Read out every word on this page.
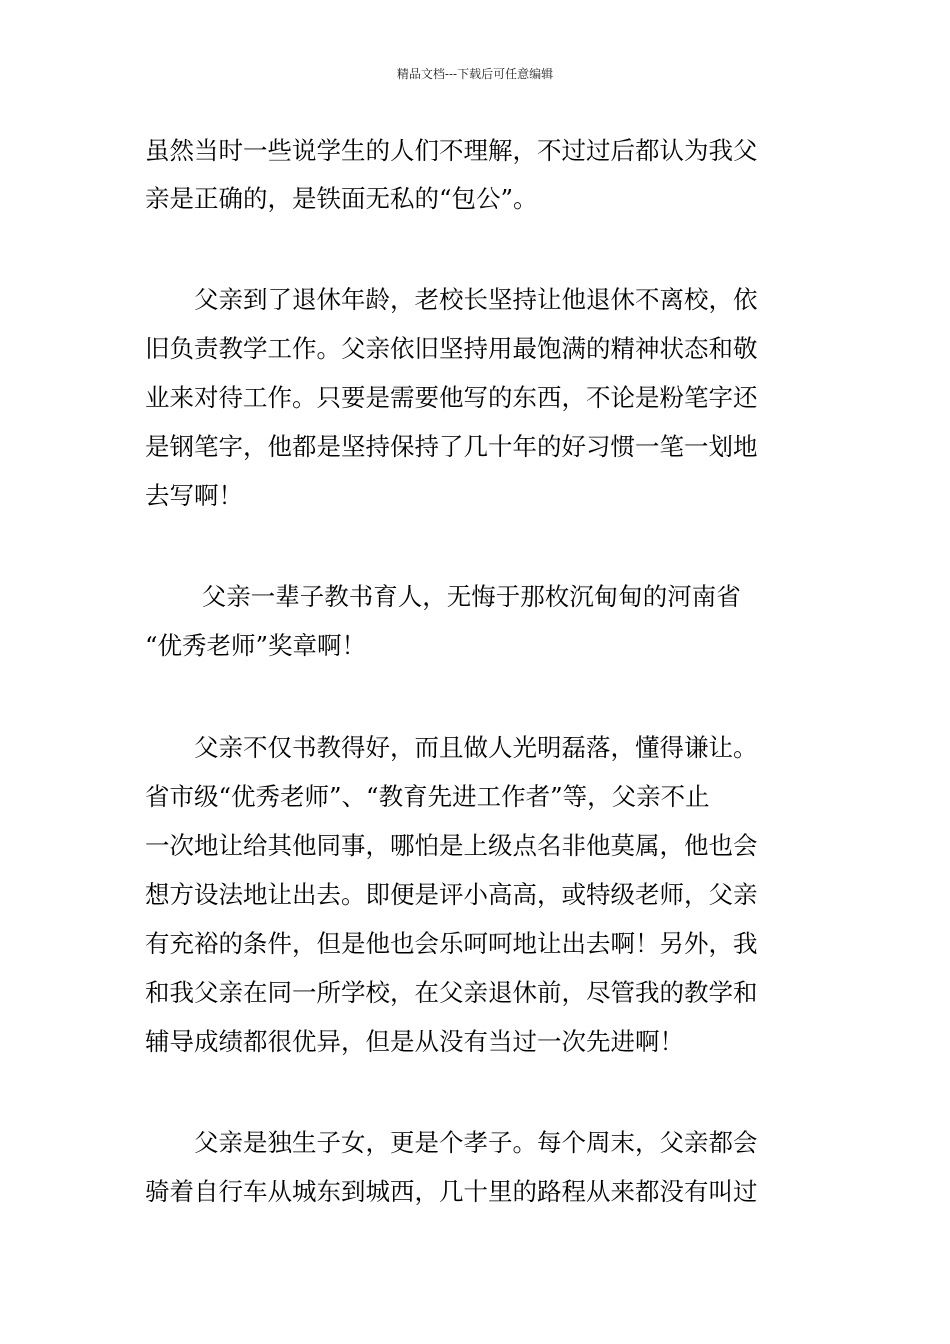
精品文档---下载后可任意编辑
虽然当时一些说学生的人们不理解，不过过后都认为我父
亲是正确的，是铁面无私的“包公”。
　　父亲到了退休年龄，老校长坚持让他退休不离校，依
旧负责教学工作。父亲依旧坚持用最饱满的精神状态和敬
业来对待工作。只要是需要他写的东西，不论是粉笔字还
是钢笔字，他都是坚持保持了几十年的好习惯一笔一划地
去写啊！
　　 父亲一辈子教书育人，无悔于那枚沉甸甸的河南省
“优秀老师”奖章啊！
　　父亲不仅书教得好，而且做人光明磊落，懂得谦让。
省市级“优秀老师”、“教育先进工作者”等，父亲不止
一次地让给其他同事，哪怕是上级点名非他莫属，他也会
想方设法地让出去。即便是评小高高，或特级老师，父亲
有充裕的条件，但是他也会乐呵呵地让出去啊！另外，我
和我父亲在同一所学校，在父亲退休前，尽管我的教学和
辅导成绩都很优异，但是从没有当过一次先进啊！
　　父亲是独生子女，更是个孝子。每个周末，父亲都会
骑着自行车从城东到城西，几十里的路程从来都没有叫过
